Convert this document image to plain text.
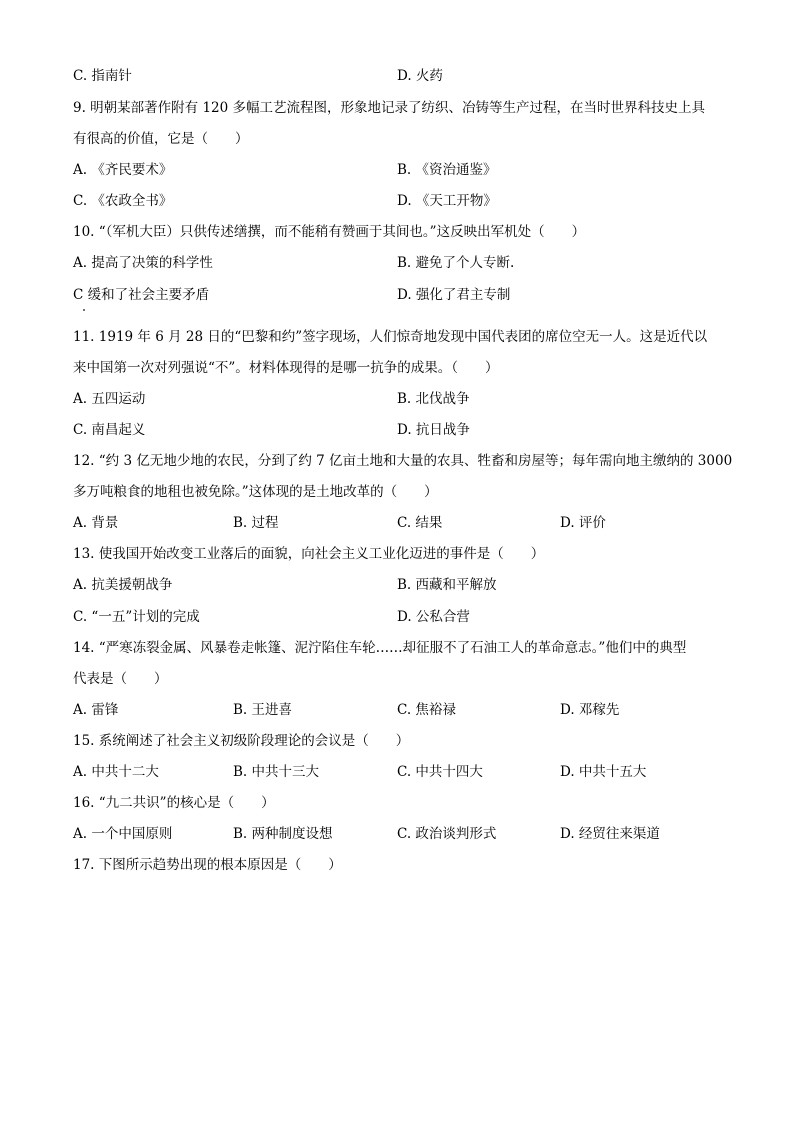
C. 指南针	D. 火药
9. 明朝某部著作附有 120 多幅工艺流程图，形象地记录了纺织、冶铸等生产过程，在当时世界科技史上具
有很高的价值，它是（　　）
A. 《齐民要术》	B. 《资治通鉴》
C. 《农政全书》	D. 《天工开物》
10. “（军机大臣）只供传述缮撰，而不能稍有赞画于其间也。”这反映出军机处（　　）
A. 提高了决策的科学性	B. 避免了个人专断.
C 缓和了社会主要矛盾	D. 强化了君主专制
11. 1919 年 6 月 28 日的“巴黎和约”签字现场，人们惊奇地发现中国代表团的席位空无一人。这是近代以
来中国第一次对列强说“不”。材料体现得的是哪一抗争的成果。（　　）
A. 五四运动	B. 北伐战争
C. 南昌起义	D. 抗日战争
12. “约 3 亿无地少地的农民，分到了约 7 亿亩土地和大量的农具、牲畜和房屋等；每年需向地主缴纳的 3000
多万吨粮食的地租也被免除。”这体现的是土地改革的（　　）
A. 背景	B. 过程	C. 结果	D. 评价
13. 使我国开始改变工业落后的面貌，向社会主义工业化迈进的事件是（　　）
A. 抗美援朝战争	B. 西藏和平解放
C. “一五”计划的完成	D. 公私合营
14. “严寒冻裂金属、风暴卷走帐篷、泥泞陷住车轮……却征服不了石油工人的革命意志。”他们中的典型
代表是（　　）
A. 雷锋	B. 王进喜	C. 焦裕禄	D. 邓稼先
15. 系统阐述了社会主义初级阶段理论的会议是（　　）
A. 中共十二大	B. 中共十三大	C. 中共十四大	D. 中共十五大
16. “九二共识”的核心是（　　）
A. 一个中国原则	B. 两种制度设想	C. 政治谈判形式	D. 经贸往来渠道
17. 下图所示趋势出现的根本原因是（　　）
